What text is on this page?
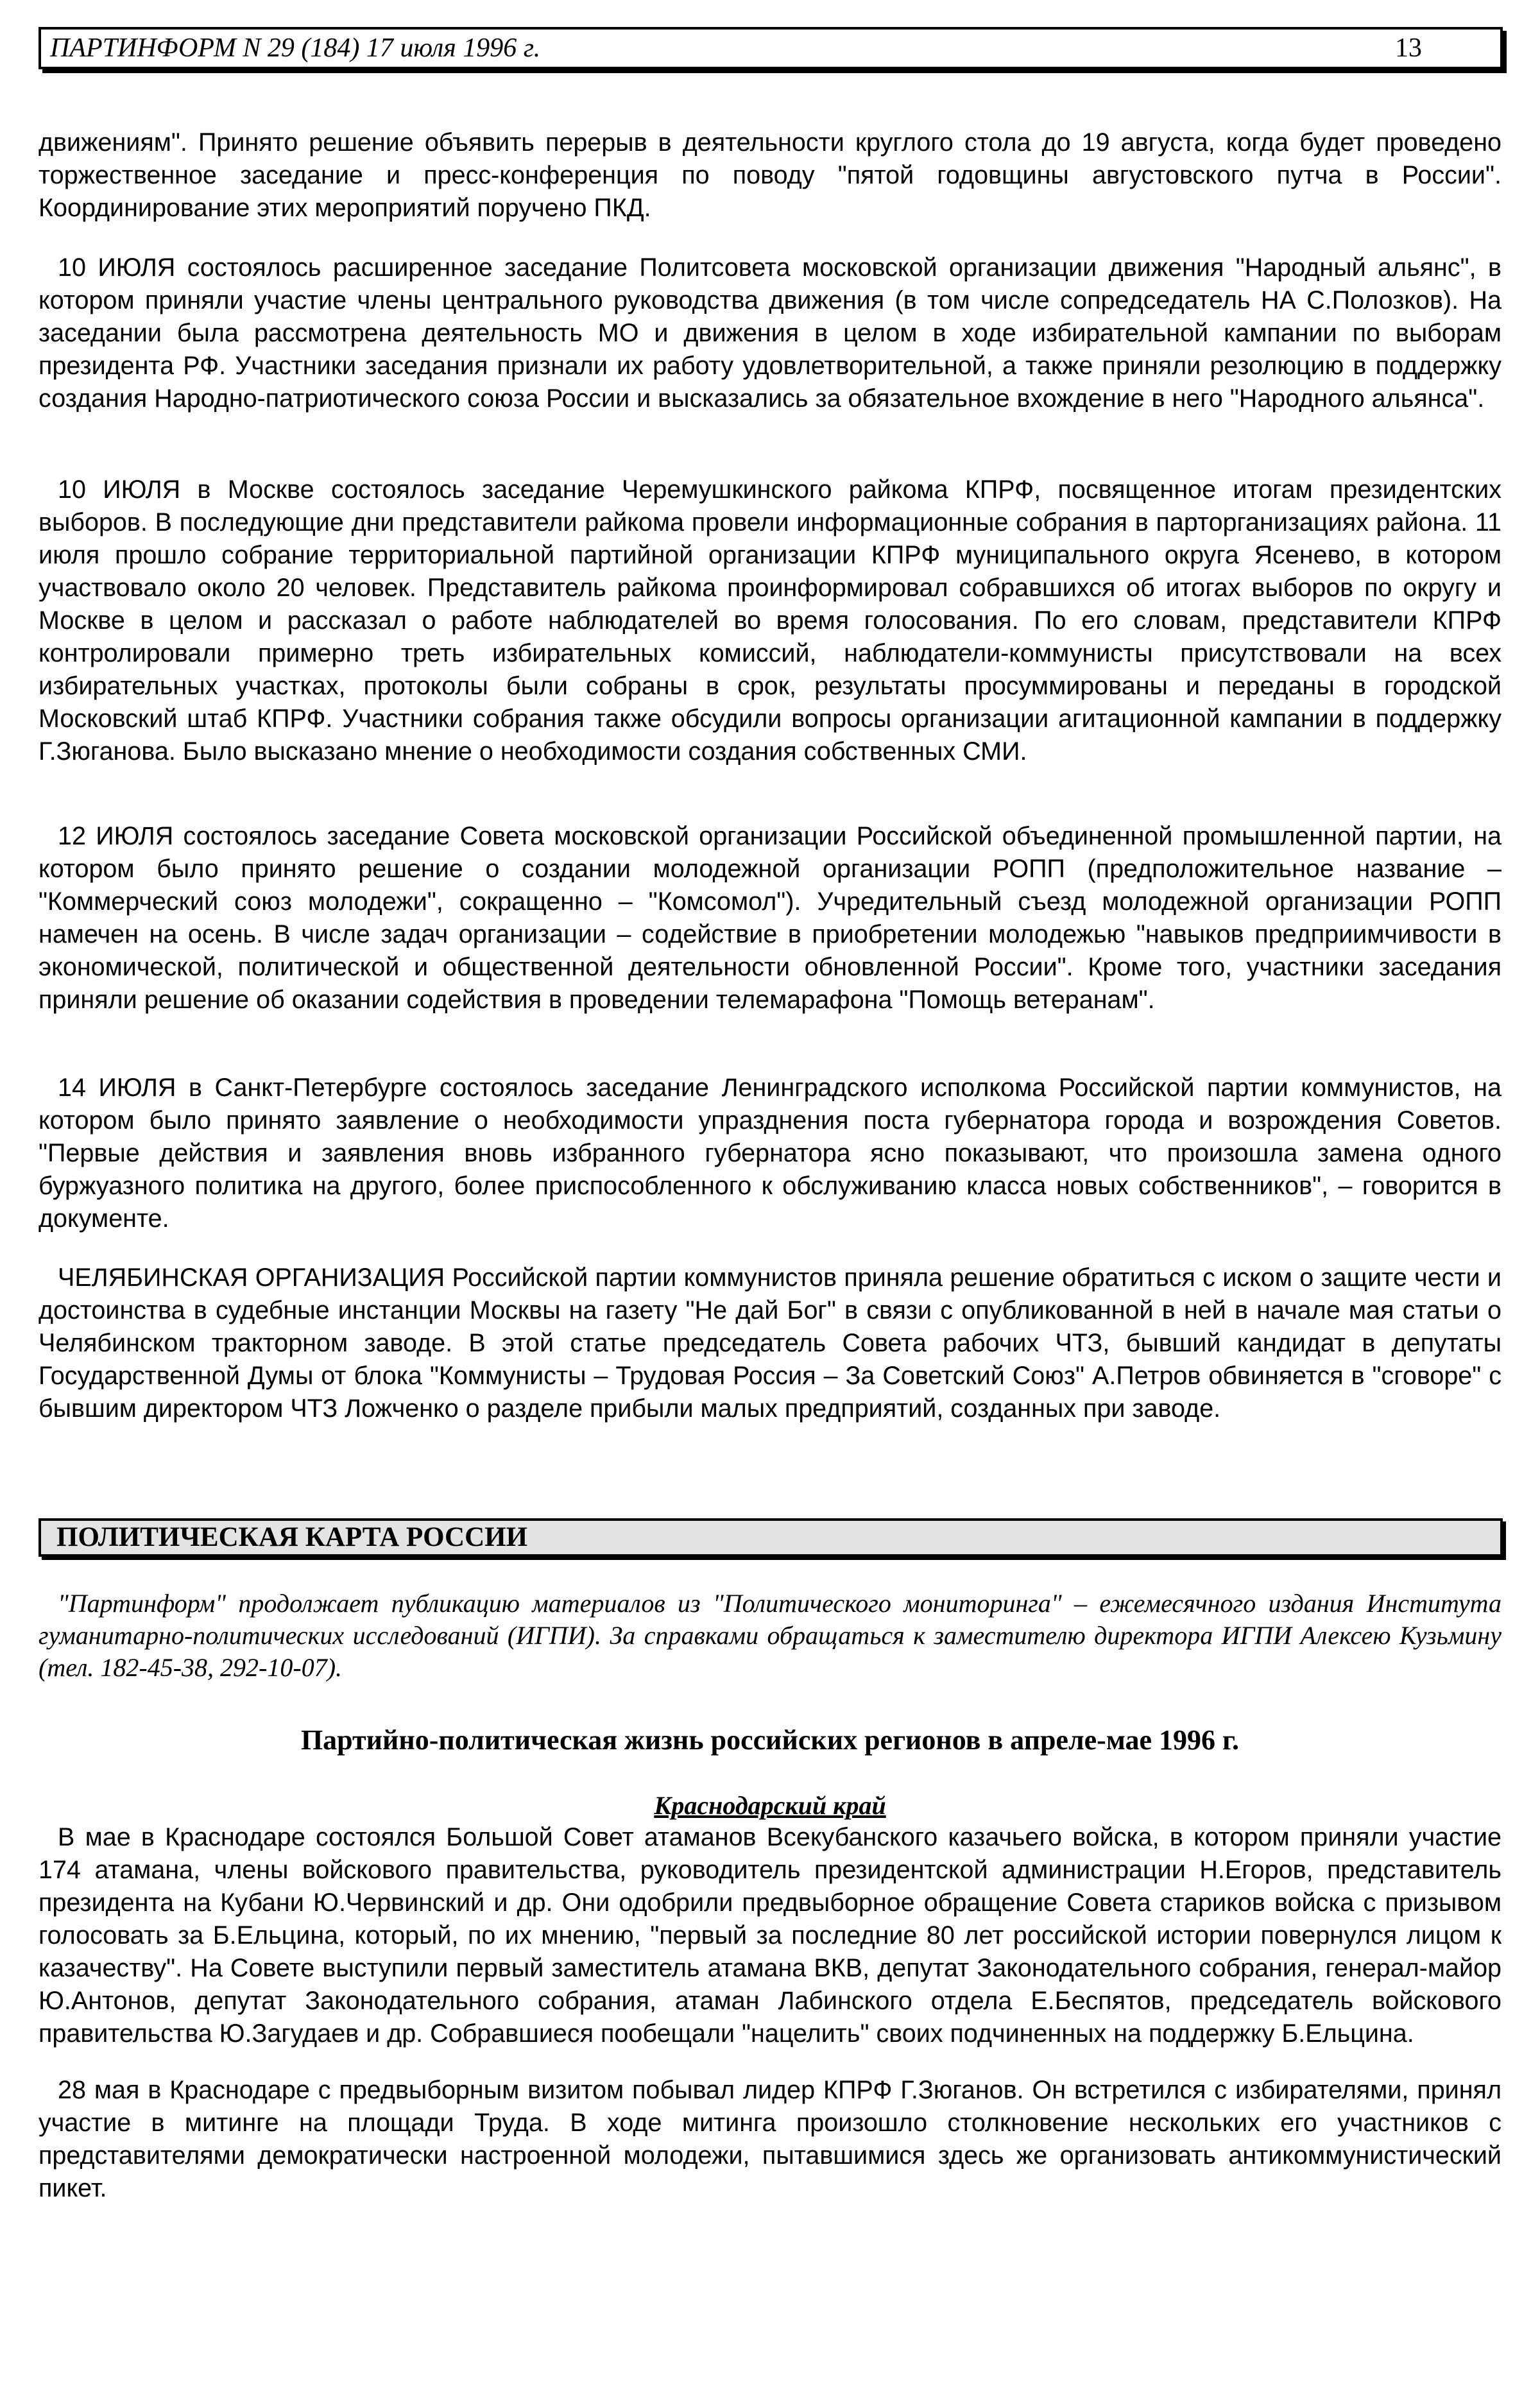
ПАРТИНФОРМ N 29 (184) 17 июля 1996 г.	13

движениям". Принято решение объявить перерыв в деятельности круглого стола до 19 августа, когда будет проведено торжественное заседание и пресс-конференция по поводу "пятой годовщины августовского путча в России". Координирование этих мероприятий поручено ПКД.

10 ИЮЛЯ состоялось расширенное заседание Политсовета московской организации движения "Народный альянс", в котором приняли участие члены центрального руководства движения (в том числе сопредседатель НА С.Полозков). На заседании была рассмотрена деятельность МО и движения в целом в ходе избирательной кампании по выборам президента РФ. Участники заседания признали их работу удовлетворительной, а также приняли резолюцию в поддержку создания Народно-патриотического союза России и высказались за обязательное вхождение в него "Народного альянса".

10 ИЮЛЯ в Москве состоялось заседание Черемушкинского райкома КПРФ, посвященное итогам президентских выборов. В последующие дни представители райкома провели информационные собрания в парторганизациях района. 11 июля прошло собрание территориальной партийной организации КПРФ муниципального округа Ясенево, в котором участвовало около 20 человек. Представитель райкома проинформировал собравшихся об итогах выборов по округу и Москве в целом и рассказал о работе наблюдателей во время голосования. По его словам, представители КПРФ контролировали примерно треть избирательных комиссий, наблюдатели-коммунисты присутствовали на всех избирательных участках, протоколы были собраны в срок, результаты просуммированы и переданы в городской Московский штаб КПРФ. Участники собрания также обсудили вопросы организации агитационной кампании в поддержку Г.Зюганова. Было высказано мнение о необходимости создания собственных СМИ.

12 ИЮЛЯ состоялось заседание Совета московской организации Российской объединенной промышленной партии, на котором было принято решение о создании молодежной организации РОПП (предположительное название – "Коммерческий союз молодежи", сокращенно – "Комсомол"). Учредительный съезд молодежной организации РОПП намечен на осень. В числе задач организации – содействие в приобретении молодежью "навыков предприимчивости в экономической, политической и общественной деятельности обновленной России". Кроме того, участники заседания приняли решение об оказании содействия в проведении телемарафона "Помощь ветеранам".

14 ИЮЛЯ в Санкт-Петербурге состоялось заседание Ленинградского исполкома Российской партии коммунистов, на котором было принято заявление о необходимости упразднения поста губернатора города и возрождения Советов. "Первые действия и заявления вновь избранного губернатора ясно показывают, что произошла замена одного буржуазного политика на другого, более приспособленного к обслуживанию класса новых собственников", – говорится в документе.

ЧЕЛЯБИНСКАЯ ОРГАНИЗАЦИЯ Российской партии коммунистов приняла решение обратиться с иском о защите чести и достоинства в судебные инстанции Москвы на газету "Не дай Бог" в связи с опубликованной в ней в начале мая статьи о Челябинском тракторном заводе. В этой статье председатель Совета рабочих ЧТЗ, бывший кандидат в депутаты Государственной Думы от блока "Коммунисты – Трудовая Россия – За Советский Союз" А.Петров обвиняется в "сговоре" с бывшим директором ЧТЗ Ложченко о разделе прибыли малых предприятий, созданных при заводе.

ПОЛИТИЧЕСКАЯ КАРТА РОССИИ

"Партинформ" продолжает публикацию материалов из "Политического мониторинга" – ежемесячного издания Института гуманитарно-политических исследований (ИГПИ). За справками обращаться к заместителю директора ИГПИ Алексею Кузьмину (тел. 182-45-38, 292-10-07).

Партийно-политическая жизнь российских регионов в апреле-мае 1996 г.

Краснодарский край

В мае в Краснодаре состоялся Большой Совет атаманов Всекубанского казачьего войска, в котором приняли участие 174 атамана, члены войскового правительства, руководитель президентской администрации Н.Егоров, представитель президента на Кубани Ю.Червинский и др. Они одобрили предвыборное обращение Совета стариков войска с призывом голосовать за Б.Ельцина, который, по их мнению, "первый за последние 80 лет российской истории повернулся лицом к казачеству". На Совете выступили первый заместитель атамана ВКВ, депутат Законодательного собрания, генерал-майор Ю.Антонов, депутат Законодательного собрания, атаман Лабинского отдела Е.Беспятов, председатель войскового правительства Ю.Загудаев и др. Собравшиеся пообещали "нацелить" своих подчиненных на поддержку Б.Ельцина.

28 мая в Краснодаре с предвыборным визитом побывал лидер КПРФ Г.Зюганов. Он встретился с избирателями, принял участие в митинге на площади Труда. В ходе митинга произошло столкновение нескольких его участников с представителями демократически настроенной молодежи, пытавшимися здесь же организовать антикоммунистический пикет.
